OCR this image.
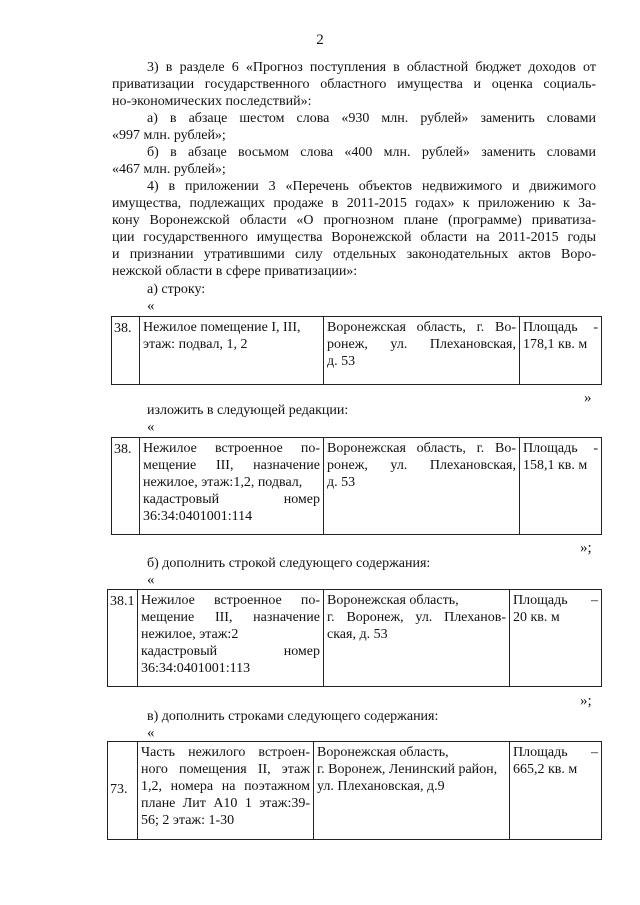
2
3) в разделе 6 «Прогноз поступления в областной бюджет доходов от
приватизации государственного областного имущества и оценка социаль-
но-экономических последствий»:
а) в абзаце шестом слова «930 млн. рублей» заменить словами
«997 млн. рублей»;
б) в абзаце восьмом слова «400 млн. рублей» заменить словами
«467 млн. рублей»;
4) в приложении 3 «Перечень объектов недвижимого и движимого
имущества, подлежащих продаже в 2011-2015 годах» к приложению к За-
кону Воронежской области «О прогнозном плане (программе) приватиза-
ции государственного имущества Воронежской области на 2011-2015 годы
и признании утратившими силу отдельных законодательных актов Воро-
нежской области в сфере приватизации»:
а) строку:
«
38.	Нежилое помещение I, III,
этаж: подвал, 1, 2

Воронежская область, г. Во-
ронеж, ул. Плехановская,
д. 53

Площадь -
178,1 кв. м
»
изложить в следующей редакции:
«
38.	Нежилое встроенное по-
мещение III, назначение
нежилое, этаж:1,2, подвал,
кадастровый номер
36:34:0401001:114

Воронежская область, г. Во-
ронеж, ул. Плехановская,
д. 53

Площадь -
158,1 кв. м
»;
б) дополнить строкой следующего содержания:
«
38.1	Нежилое встроенное по-
мещение III, назначение
нежилое, этаж:2
кадастровый номер
36:34:0401001:113

Воронежская область,
г. Воронеж, ул. Плеханов-
ская, д. 53

Площадь –
20 кв. м
»;
в) дополнить строками следующего содержания:
«
73.	
Часть нежилого встроен-
ного помещения II, этаж
1,2, номера на поэтажном
плане Лит А10 1 этаж:39-
56; 2 этаж: 1-30

Воронежская область,
г. Воронеж, Ленинский район,
ул. Плехановская, д.9

Площадь –
665,2 кв. м
